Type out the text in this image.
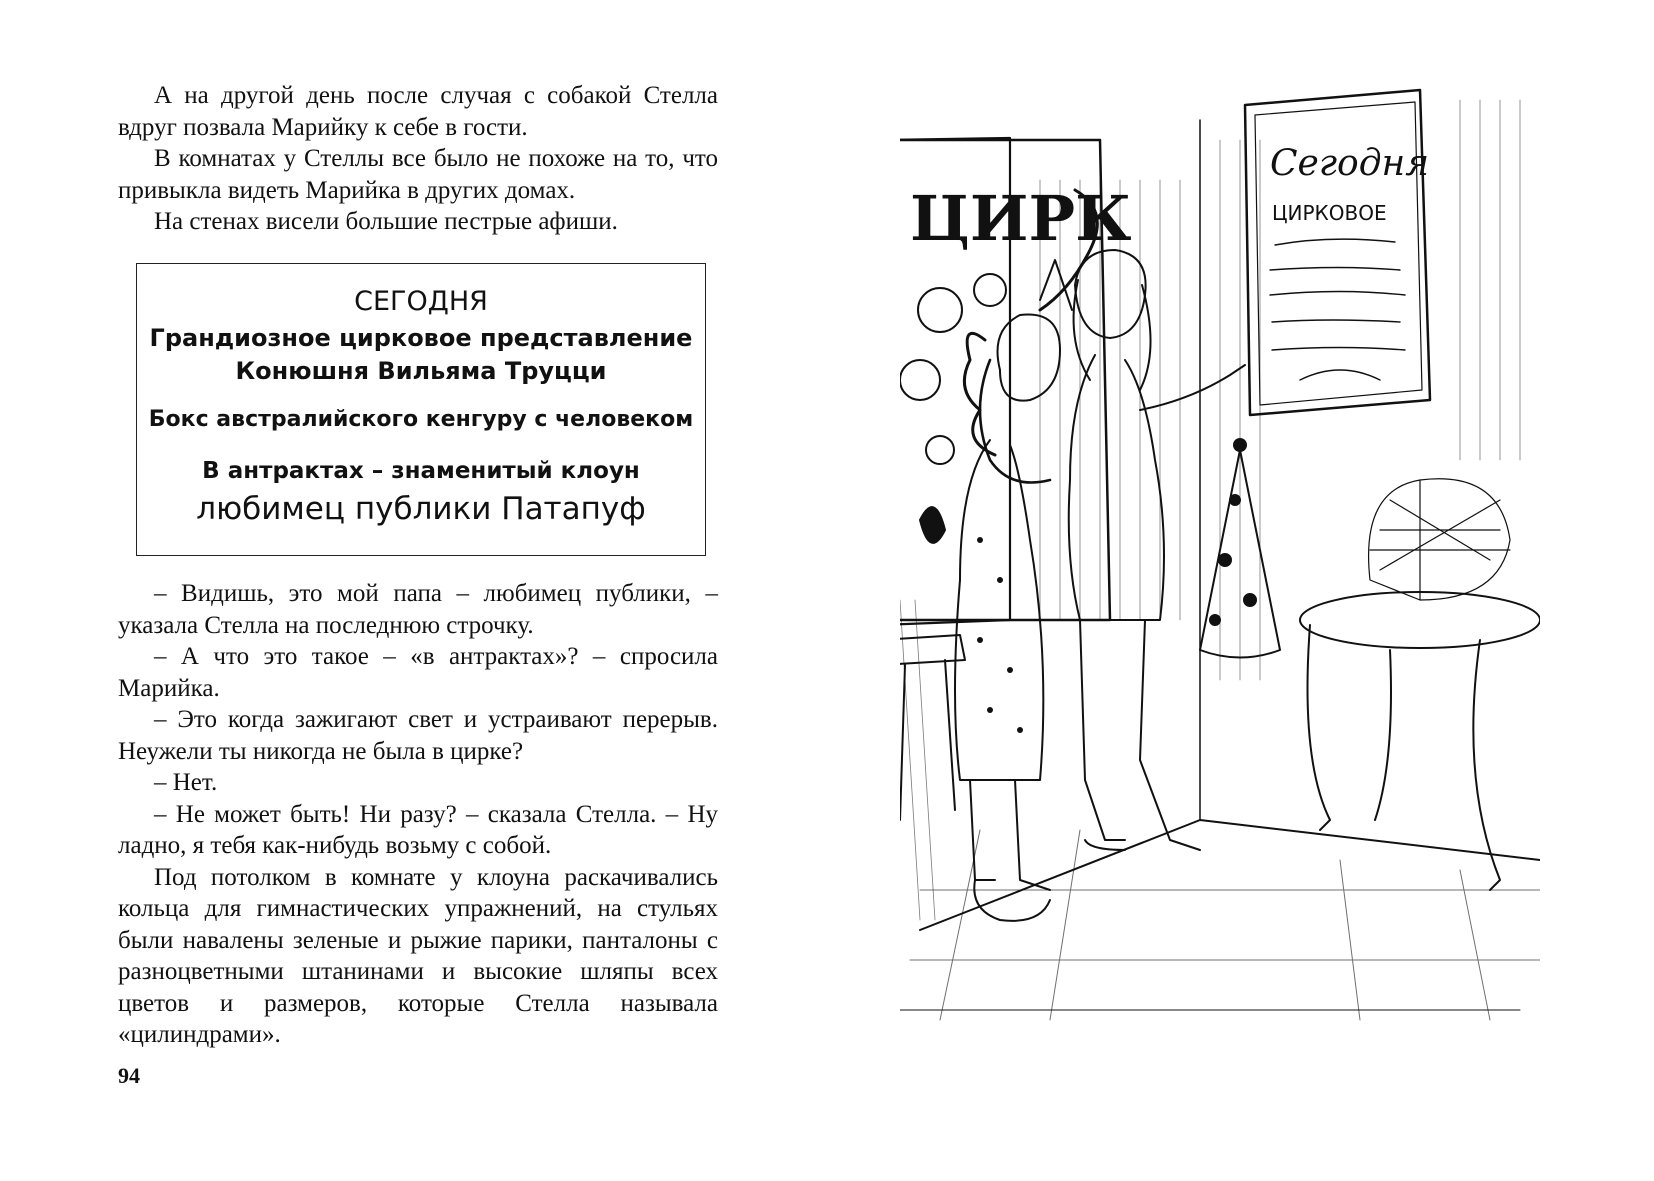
А на другой день после случая с собакой Стелла вдруг позвала Марийку к себе в гости.

В комнатах у Стеллы все было не похоже на то, что привыкла видеть Марийка в других домах.

На стенах висели большие пестрые афиши.

СЕГОДНЯ
Грандиозное цирковое представление
Конюшня Вильяма Труцци
Бокс австралийского кенгуру с человеком
В антрактах – знаменитый клоун
любимец публики Патапуф

– Видишь, это мой папа – любимец публики, – указала Стелла на последнюю строчку.

– А что это такое – «в антрактах»? – спросила Марийка.

– Это когда зажигают свет и устраивают перерыв. Неужели ты никогда не была в цирке?

– Нет.

– Не может быть! Ни разу? – сказала Стелла. – Ну ладно, я тебя как-нибудь возьму с собой.

Под потолком в комнате у клоуна раскачивались кольца для гимнастических упражнений, на стульях были навалены зеленые и рыжие парики, панталоны с разноцветными штанинами и высокие шляпы всех цветов и размеров, которые Стелла называла «цилиндрами».

94
ЦИРК
Сегодня
ЦИРКОВОЕ
